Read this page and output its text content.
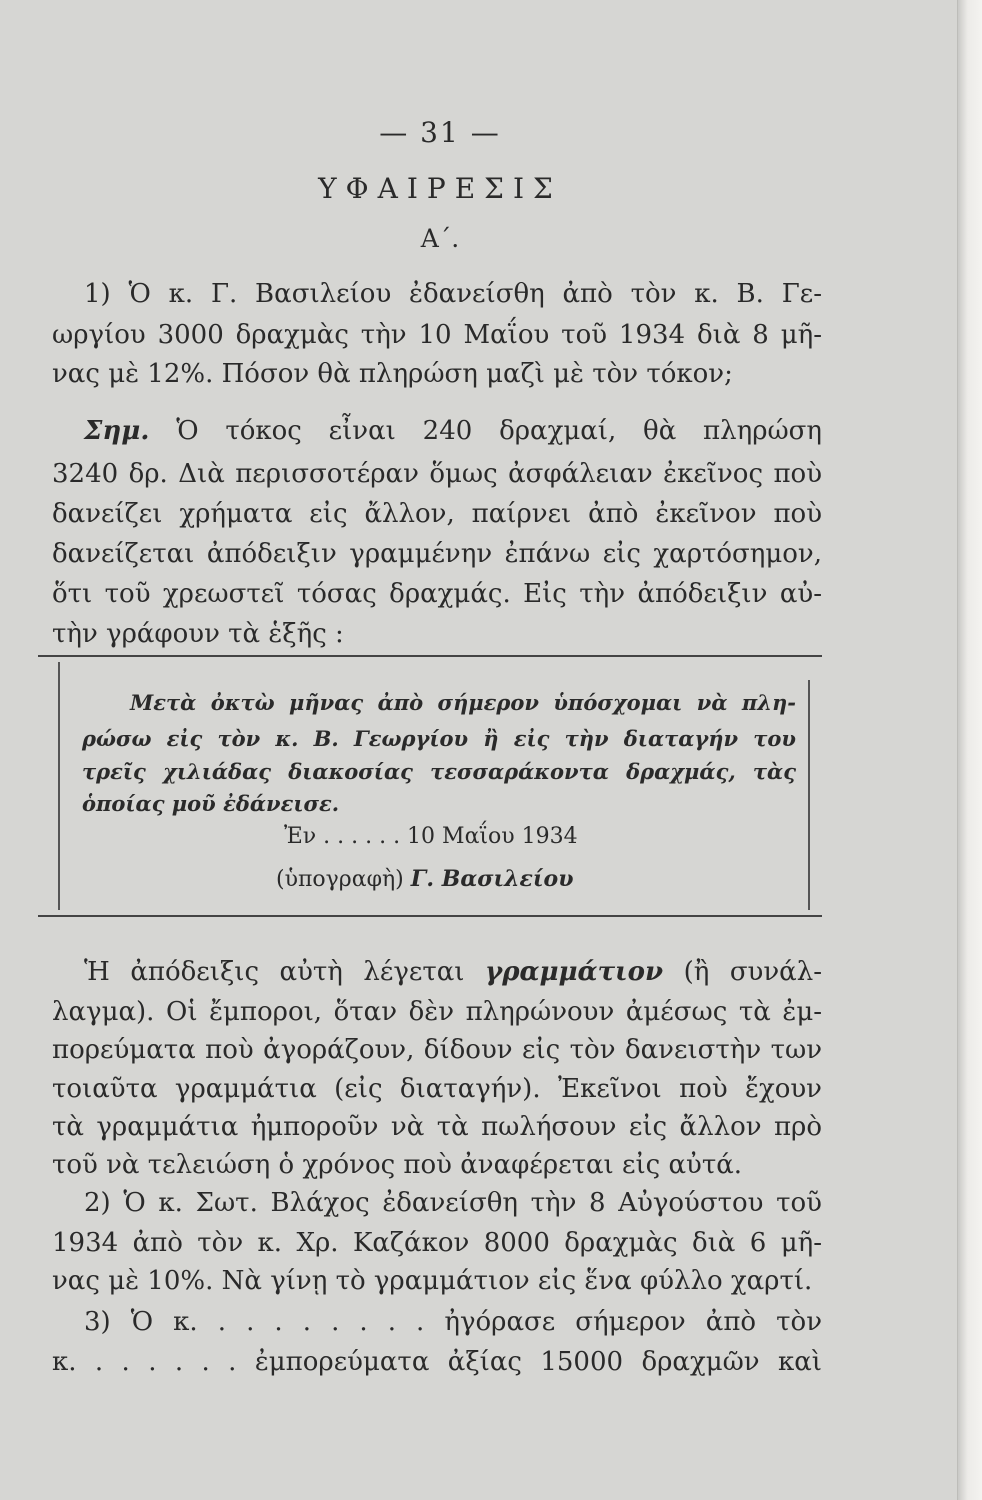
— 31 —
ΥΦΑΙΡΕΣΙΣ
Α΄.
1) Ὁ κ. Γ. Βασιλείου ἐδανείσθη ἀπὸ τὸν κ. Β. Γε-
ωργίου 3000 δραχμὰς τὴν 10 Μαΐου τοῦ 1934 διὰ 8 μῆ-
νας μὲ 12%. Πόσον θὰ πληρώση μαζὶ μὲ τὸν τόκον;
Σημ. Ὁ τόκος εἶναι 240 δραχμαί, θὰ πληρώση
3240 δρ. Διὰ περισσοτέραν ὅμως ἀσφάλειαν ἐκεῖνος ποὺ
δανείζει χρήματα εἰς ἄλλον, παίρνει ἀπὸ ἐκεῖνον ποὺ
δανείζεται ἀπόδειξιν γραμμένην ἐπάνω εἰς χαρτόσημον,
ὅτι τοῦ χρεωστεῖ τόσας δραχμάς. Εἰς τὴν ἀπόδειξιν αὐ-
τὴν γράφουν τὰ ἑξῆς :
Μετὰ ὀκτὼ μῆνας ἀπὸ σήμερον ὑπόσχομαι νὰ πλη-
ρώσω εἰς τὸν κ. Β. Γεωργίου ἢ εἰς τὴν διαταγήν του
τρεῖς χιλιάδας διακοσίας τεσσαράκοντα δραχμάς, τὰς
ὁποίας μοῦ ἐδάνεισε.
Ἐν . . . . . . 10 Μαΐου 1934
(ὑπογραφὴ) Γ. Βασιλείου
Ἡ ἀπόδειξις αὐτὴ λέγεται γραμμάτιον (ἢ συνάλ-
λαγμα). Οἱ ἔμποροι, ὅταν δὲν πληρώνουν ἀμέσως τὰ ἐμ-
πορεύματα ποὺ ἀγοράζουν, δίδουν εἰς τὸν δανειστὴν των
τοιαῦτα γραμμάτια (εἰς διαταγήν). Ἐκεῖνοι ποὺ ἔχουν
τὰ γραμμάτια ἠμποροῦν νὰ τὰ πωλήσουν εἰς ἄλλον πρὸ
τοῦ νὰ τελειώση ὁ χρόνος ποὺ ἀναφέρεται εἰς αὐτά.
2) Ὁ κ. Σωτ. Βλάχος ἐδανείσθη τὴν 8 Αὐγούστου τοῦ
1934 ἀπὸ τὸν κ. Χρ. Καζάκον 8000 δραχμὰς διὰ 6 μῆ-
νας μὲ 10%. Νὰ γίνῃ τὸ γραμμάτιον εἰς ἕνα φύλλο χαρτί.
3) Ὁ κ. . . . . . . . . ἠγόρασε σήμερον ἀπὸ τὸν
κ. . . . . . . ἐμπορεύματα ἀξίας 15000 δραχμῶν καὶ
